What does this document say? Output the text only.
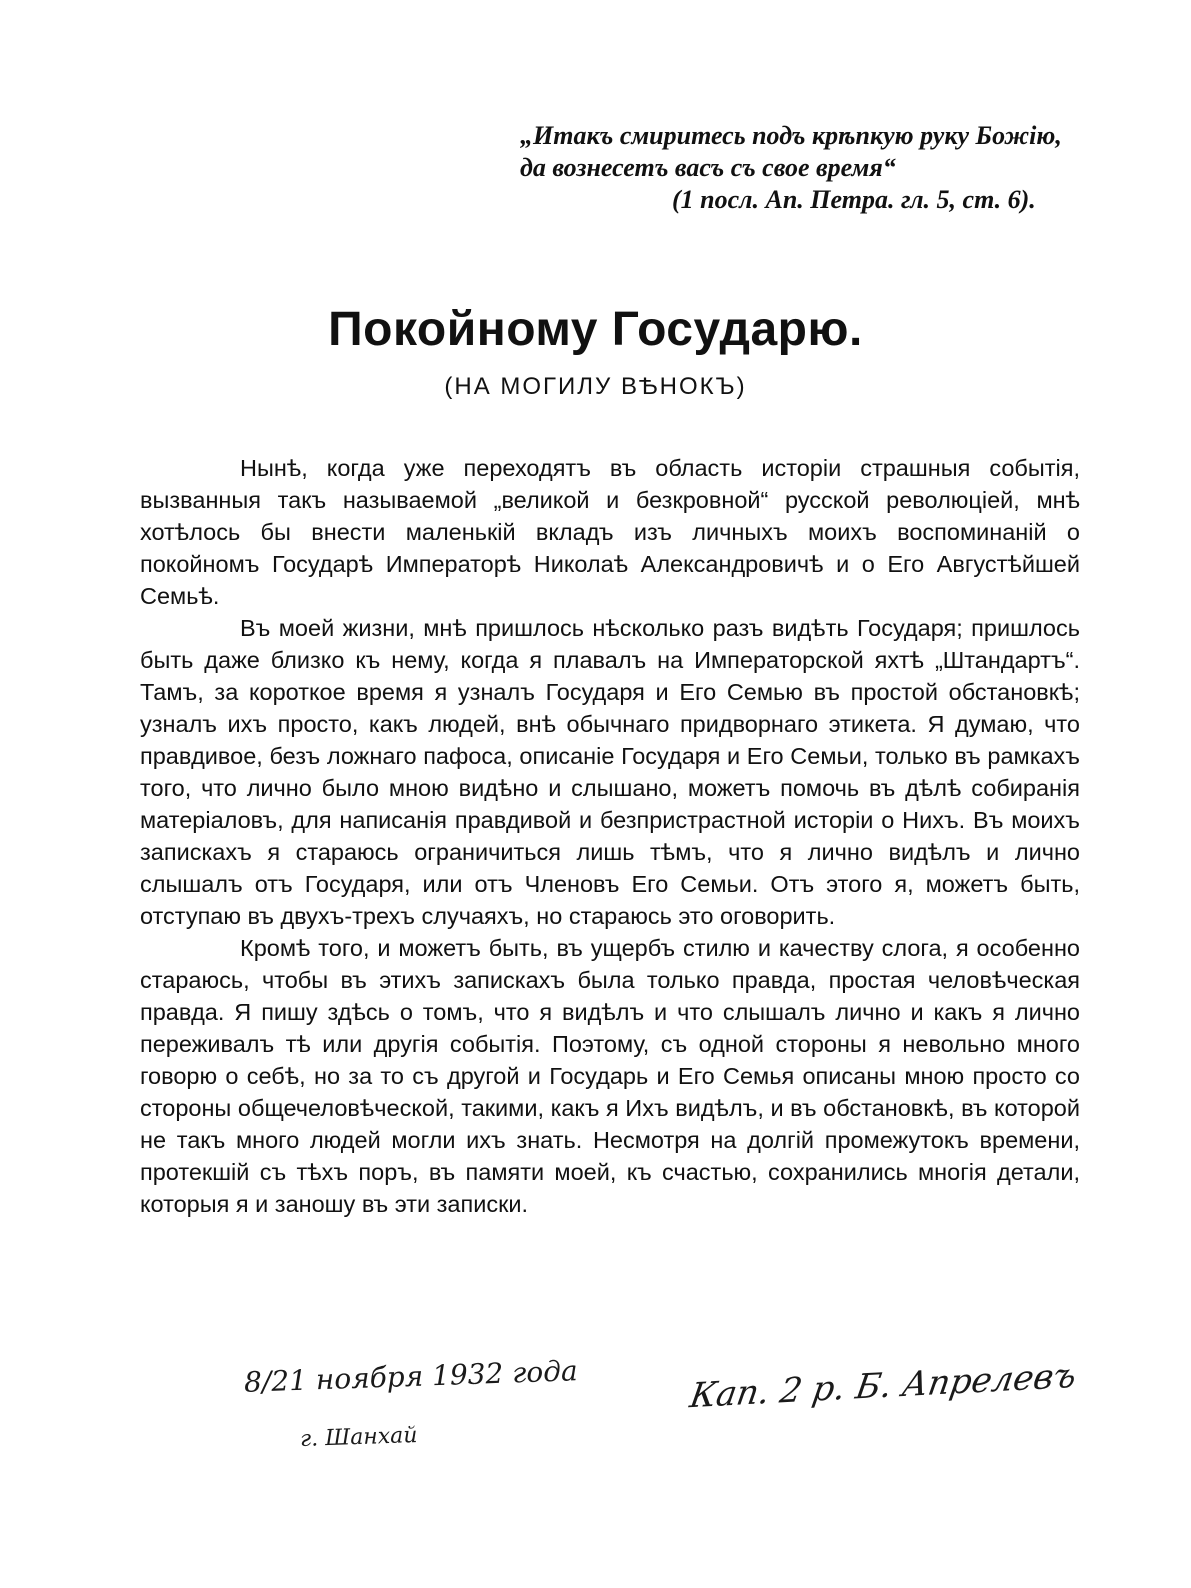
„Итакъ смиритесь подъ крѣпкую руку Божію,
да вознесетъ васъ съ свое время“
(1 посл. Ап. Петра. гл. 5, ст. 6).
Покойному Государю.
(НА МОГИЛУ ВѢНОКЪ)

Нынѣ, когда уже переходятъ въ область исторіи страшныя событія, вызванныя такъ называемой „великой и безкровной“ русской революціей, мнѣ хотѣлось бы внести маленькій вкладъ изъ личныхъ моихъ воспоминаній о покойномъ Государѣ Императорѣ Николаѣ Александровичѣ и о Его Августѣйшей Семьѣ.

Въ моей жизни, мнѣ пришлось нѣсколько разъ видѣть Государя; пришлось быть даже близко къ нему, когда я плавалъ на Императорской яхтѣ „Штандартъ“. Тамъ, за короткое время я узналъ Государя и Его Семью въ простой обстановкѣ; узналъ ихъ просто, какъ людей, внѣ обычнаго придворнаго этикета. Я думаю, что правдивое, безъ ложнаго пафоса, описаніе Государя и Его Семьи, только въ рамкахъ того, что лично было мною видѣно и слышано, можетъ помочь въ дѣлѣ собиранія матеріаловъ, для написанія правдивой и безпристрастной исторіи о Нихъ. Въ моихъ запискахъ я стараюсь ограничиться лишь тѣмъ, что я лично видѣлъ и лично слышалъ отъ Государя, или отъ Членовъ Его Семьи. Отъ этого я, можетъ быть, отступаю въ двухъ-трехъ случаяхъ, но стараюсь это оговорить.

Кромѣ того, и можетъ быть, въ ущербъ стилю и качеству слога, я особенно стараюсь, чтобы въ этихъ запискахъ была только правда, простая человѣческая правда. Я пишу здѣсь о томъ, что я видѣлъ и что слышалъ лично и какъ я лично переживалъ тѣ или другія событія. Поэтому, съ одной стороны я невольно много говорю о себѣ, но за то съ другой и Государь и Его Семья описаны мною просто со стороны общечеловѣческой, такими, какъ я Ихъ видѣлъ, и въ обстановкѣ, въ которой не такъ много людей могли ихъ знать. Несмотря на долгій промежутокъ времени, протекшій съ тѣхъ поръ, въ памяти моей, къ счастью, сохранились многія детали, которыя я и заношу въ эти записки.

8/21 ноября 1932 года
г. Шанхай
Кап. 2 р. Б. Апрелевъ
